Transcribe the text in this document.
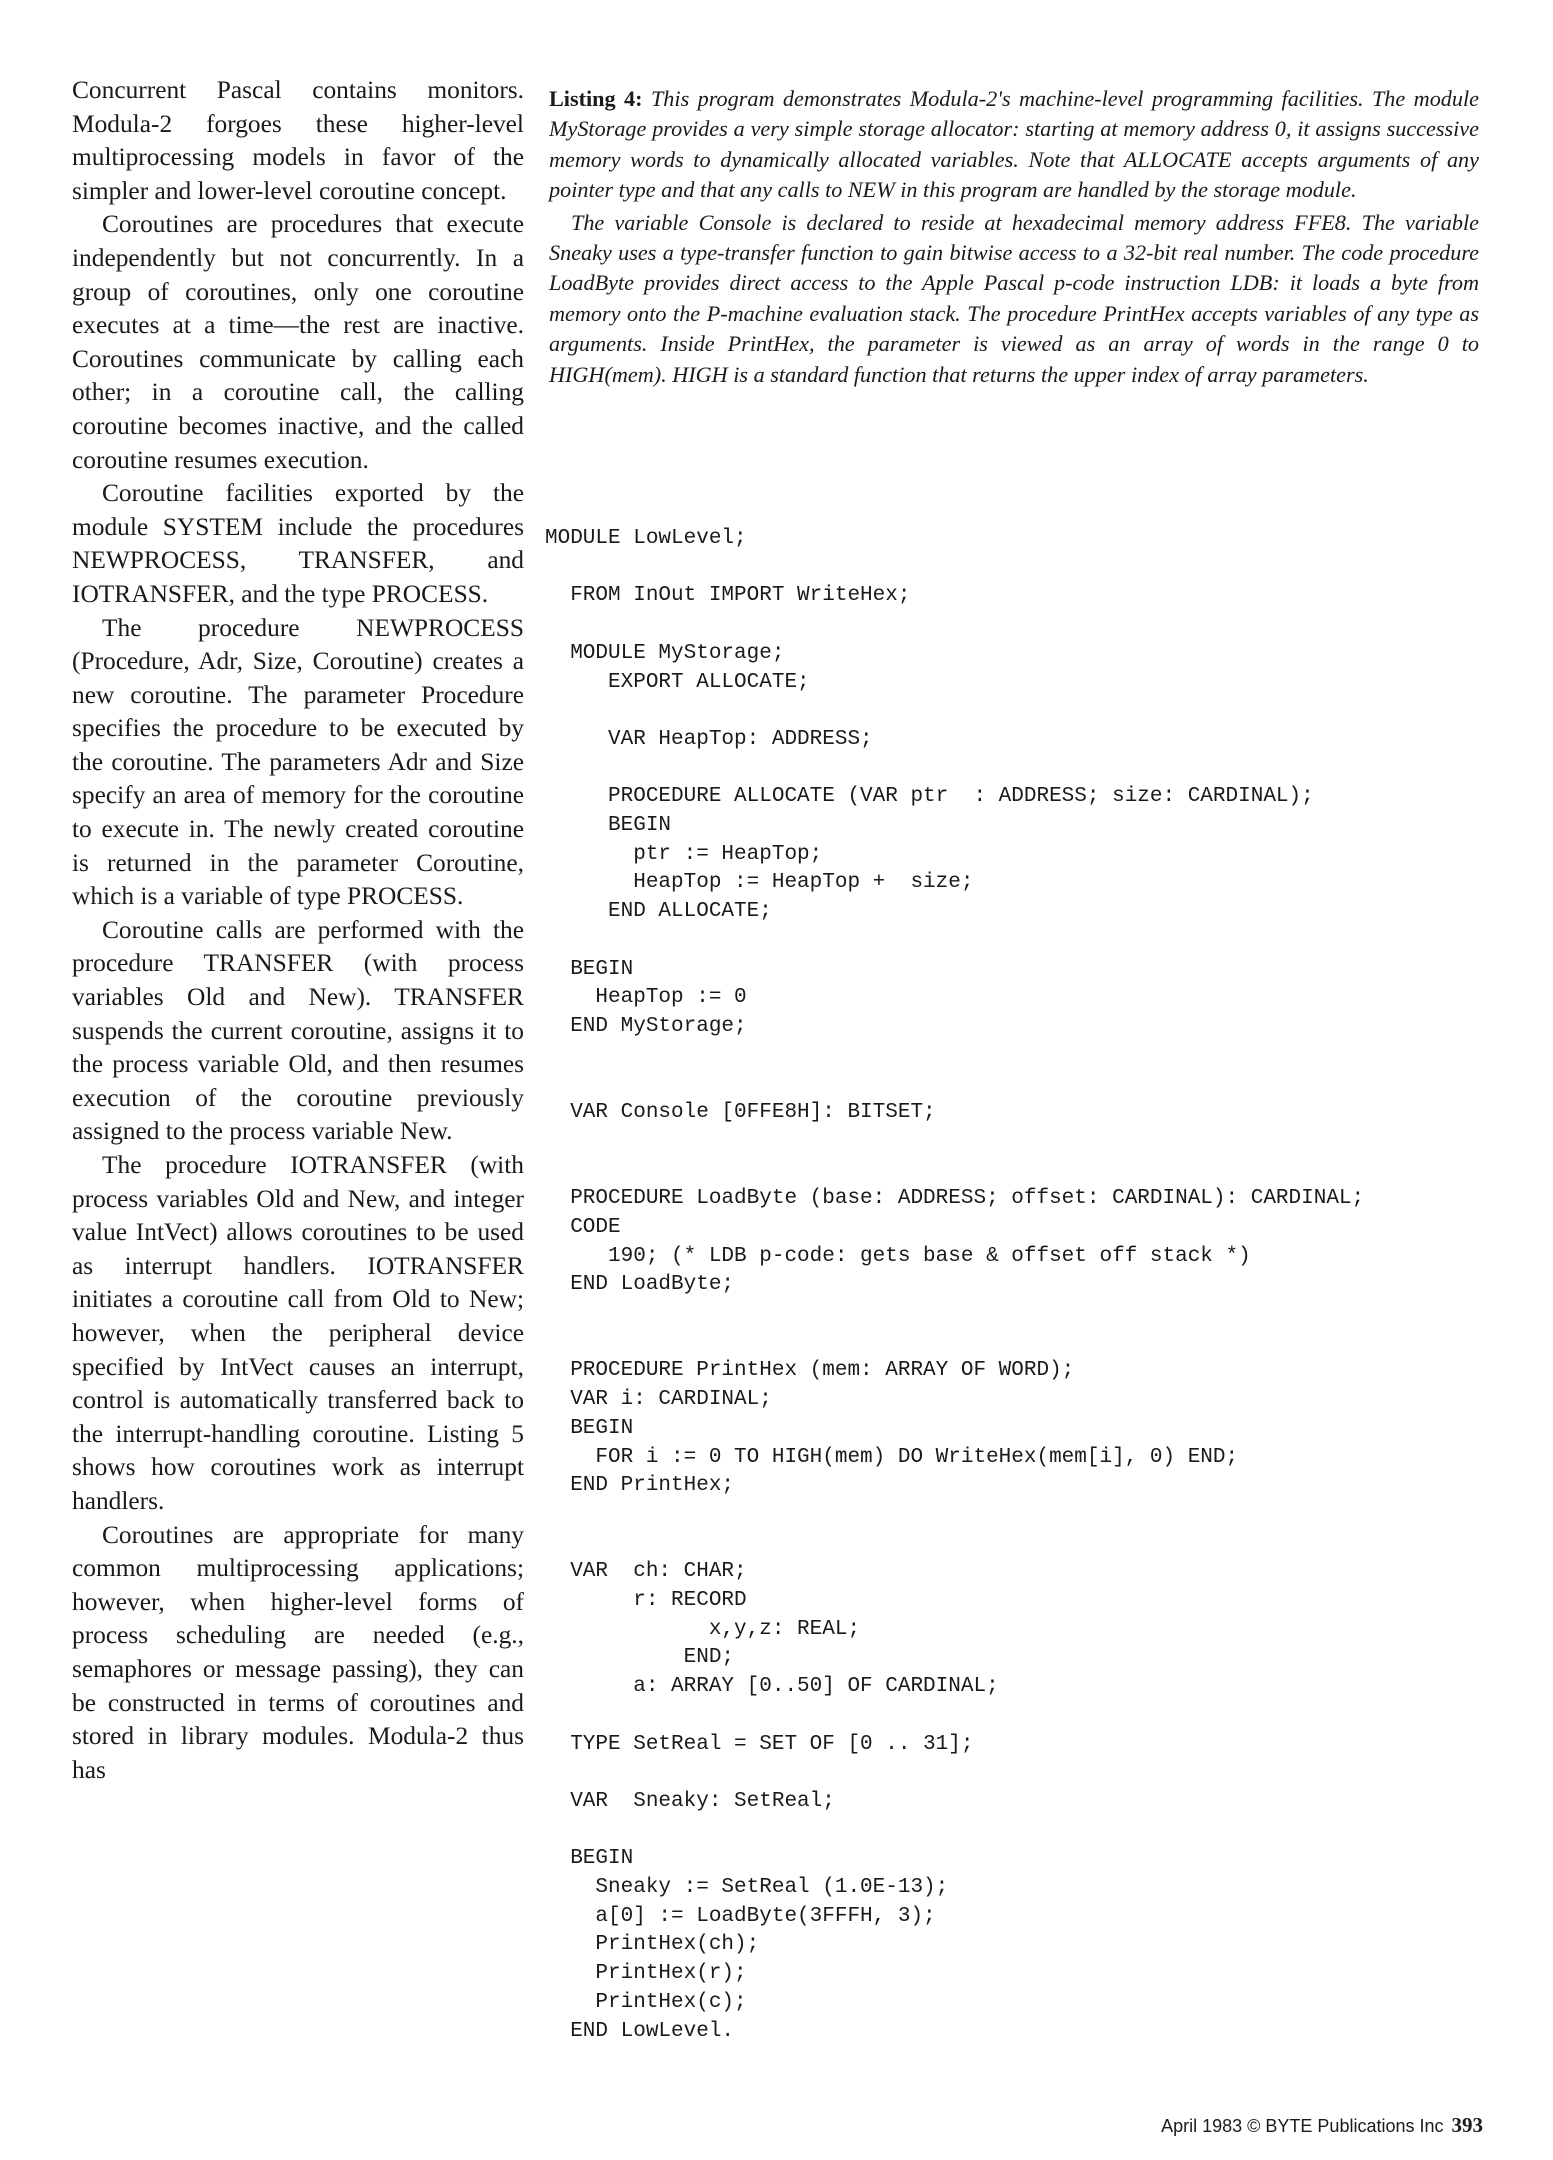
Concurrent Pascal contains monitors. Modula-2 forgoes these higher-level multiprocessing models in favor of the simpler and lower-level coroutine concept.

Coroutines are procedures that execute independently but not concurrently. In a group of coroutines, only one coroutine executes at a time—the rest are inactive. Coroutines communicate by calling each other; in a coroutine call, the calling coroutine becomes inactive, and the called coroutine resumes execution.

Coroutine facilities exported by the module SYSTEM include the procedures NEWPROCESS, TRANSFER, and IOTRANSFER, and the type PROCESS.

The procedure NEWPROCESS (Procedure, Adr, Size, Coroutine) creates a new coroutine. The parameter Procedure specifies the procedure to be executed by the coroutine. The parameters Adr and Size specify an area of memory for the coroutine to execute in. The newly created coroutine is returned in the parameter Coroutine, which is a variable of type PROCESS.

Coroutine calls are performed with the procedure TRANSFER (with process variables Old and New). TRANSFER suspends the current coroutine, assigns it to the process variable Old, and then resumes execution of the coroutine previously assigned to the process variable New.

The procedure IOTRANSFER (with process variables Old and New, and integer value IntVect) allows coroutines to be used as interrupt handlers. IOTRANSFER initiates a coroutine call from Old to New; however, when the peripheral device specified by IntVect causes an interrupt, control is automatically transferred back to the interrupt-handling coroutine. Listing 5 shows how coroutines work as interrupt handlers.

Coroutines are appropriate for many common multiprocessing applications; however, when higher-level forms of process scheduling are needed (e.g., semaphores or message passing), they can be constructed in terms of coroutines and stored in library modules. Modula-2 thus has

Listing 4: This program demonstrates Modula-2's machine-level programming facilities. The module MyStorage provides a very simple storage allocator: starting at memory address 0, it assigns successive memory words to dynamically allocated variables. Note that ALLOCATE accepts arguments of any pointer type and that any calls to NEW in this program are handled by the storage module.

The variable Console is declared to reside at hexadecimal memory address FFE8. The variable Sneaky uses a type-transfer function to gain bitwise access to a 32-bit real number. The code procedure LoadByte provides direct access to the Apple Pascal p-code instruction LDB: it loads a byte from memory onto the P-machine evaluation stack. The procedure PrintHex accepts variables of any type as arguments. Inside PrintHex, the parameter is viewed as an array of words in the range 0 to HIGH(mem). HIGH is a standard function that returns the upper index of array parameters.

MODULE LowLevel;

FROM InOut IMPORT WriteHex;

MODULE MyStorage;
EXPORT ALLOCATE;

VAR HeapTop: ADDRESS;

PROCEDURE ALLOCATE (VAR ptr  : ADDRESS; size: CARDINAL);
BEGIN
ptr := HeapTop;
HeapTop := HeapTop +  size;
END ALLOCATE;

BEGIN
HeapTop := 0
END MyStorage;

VAR Console [0FFE8H]: BITSET;

PROCEDURE LoadByte (base: ADDRESS; offset: CARDINAL): CARDINAL;
CODE
190; (* LDB p-code: gets base & offset off stack *)
END LoadByte;

PROCEDURE PrintHex (mem: ARRAY OF WORD);
VAR i: CARDINAL;
BEGIN
FOR i := 0 TO HIGH(mem) DO WriteHex(mem[i], 0) END;
END PrintHex;

VAR  ch: CHAR;
r: RECORD
x,y,z: REAL;
END;
a: ARRAY [0..50] OF CARDINAL;

TYPE SetReal = SET OF [0 .. 31];

VAR  Sneaky: SetReal;

BEGIN
Sneaky := SetReal (1.0E-13);
a[0] := LoadByte(3FFFH, 3);
PrintHex(ch);
PrintHex(r);
PrintHex(c);
END LowLevel.
April 1983 © BYTE Publications Inc 393
